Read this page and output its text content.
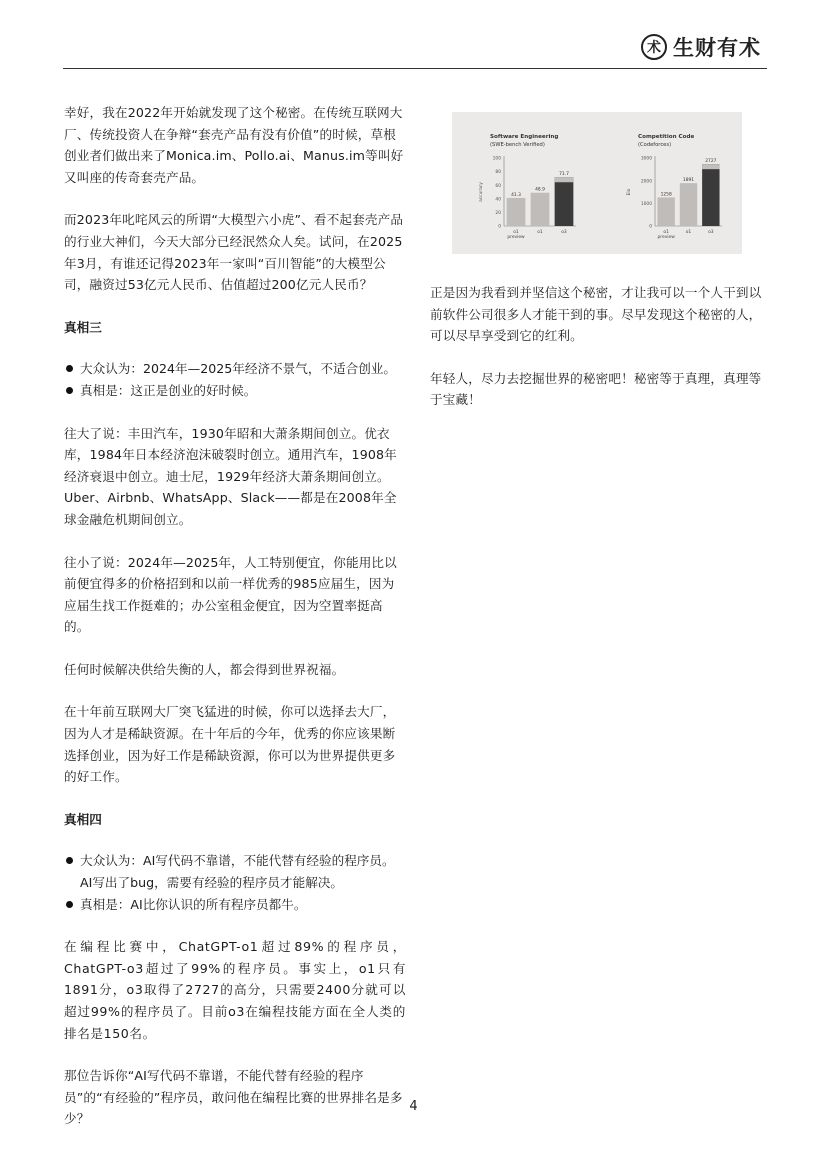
术 生财有术

幸好，我在2022年开始就发现了这个秘密。在传统互联网大厂、传统投资人在争辩“套壳产品有没有价值”的时候，草根创业者们做出来了Monica.im、Pollo.ai、Manus.im等叫好又叫座的传奇套壳产品。

而2023年叱咤风云的所谓“大模型六小虎”、看不起套壳产品的行业大神们，今天大部分已经泯然众人矣。试问，在2025年3月，有谁还记得2023年一家叫“百川智能”的大模型公司，融资过53亿元人民币、估值超过200亿元人民币？

真相三
大众认为：2024年—2025年经济不景气，不适合创业。
真相是：这正是创业的好时候。

往大了说：丰田汽车，1930年昭和大萧条期间创立。优衣库，1984年日本经济泡沫破裂时创立。通用汽车，1908年经济衰退中创立。迪士尼，1929年经济大萧条期间创立。Uber、Airbnb、WhatsApp、Slack——都是在2008年全球金融危机期间创立。

往小了说：2024年—2025年，人工特别便宜，你能用比以前便宜得多的价格招到和以前一样优秀的985应届生，因为应届生找工作挺难的；办公室租金便宜，因为空置率挺高的。

任何时候解决供给失衡的人，都会得到世界祝福。

在十年前互联网大厂突飞猛进的时候，你可以选择去大厂，因为人才是稀缺资源。在十年后的今年，优秀的你应该果断选择创业，因为好工作是稀缺资源，你可以为世界提供更多的好工作。

真相四
大众认为：AI写代码不靠谱，不能代替有经验的程序员。AI写出了bug，需要有经验的程序员才能解决。
真相是：AI比你认识的所有程序员都牛。

在编程比赛中，ChatGPT-o1超过89%的程序员，ChatGPT-o3超过了99%的程序员。事实上，o1只有1891分，o3取得了2727的高分，只需要2400分就可以超过99%的程序员了。目前o3在编程技能方面在全人类的排名是150名。

那位告诉你“AI写代码不靠谱，不能代替有经验的程序员”的“有经验的”程序员，敢问他在编程比赛的世界排名是多少？

Software Engineering
(SWE-bench Verified)
accuracy
0
20
40
60
80
100
41.3
o1
preview
48.9
o1
71.7
o3
Competition Code
(Codeforces)
Elo
0
1000
2000
3000
1258
o1
preview
1891
o1
2727
o3

正是因为我看到并坚信这个秘密，才让我可以一个人干到以前软件公司很多人才能干到的事。尽早发现这个秘密的人，可以尽早享受到它的红利。

年轻人，尽力去挖掘世界的秘密吧！秘密等于真理，真理等于宝藏！

4
